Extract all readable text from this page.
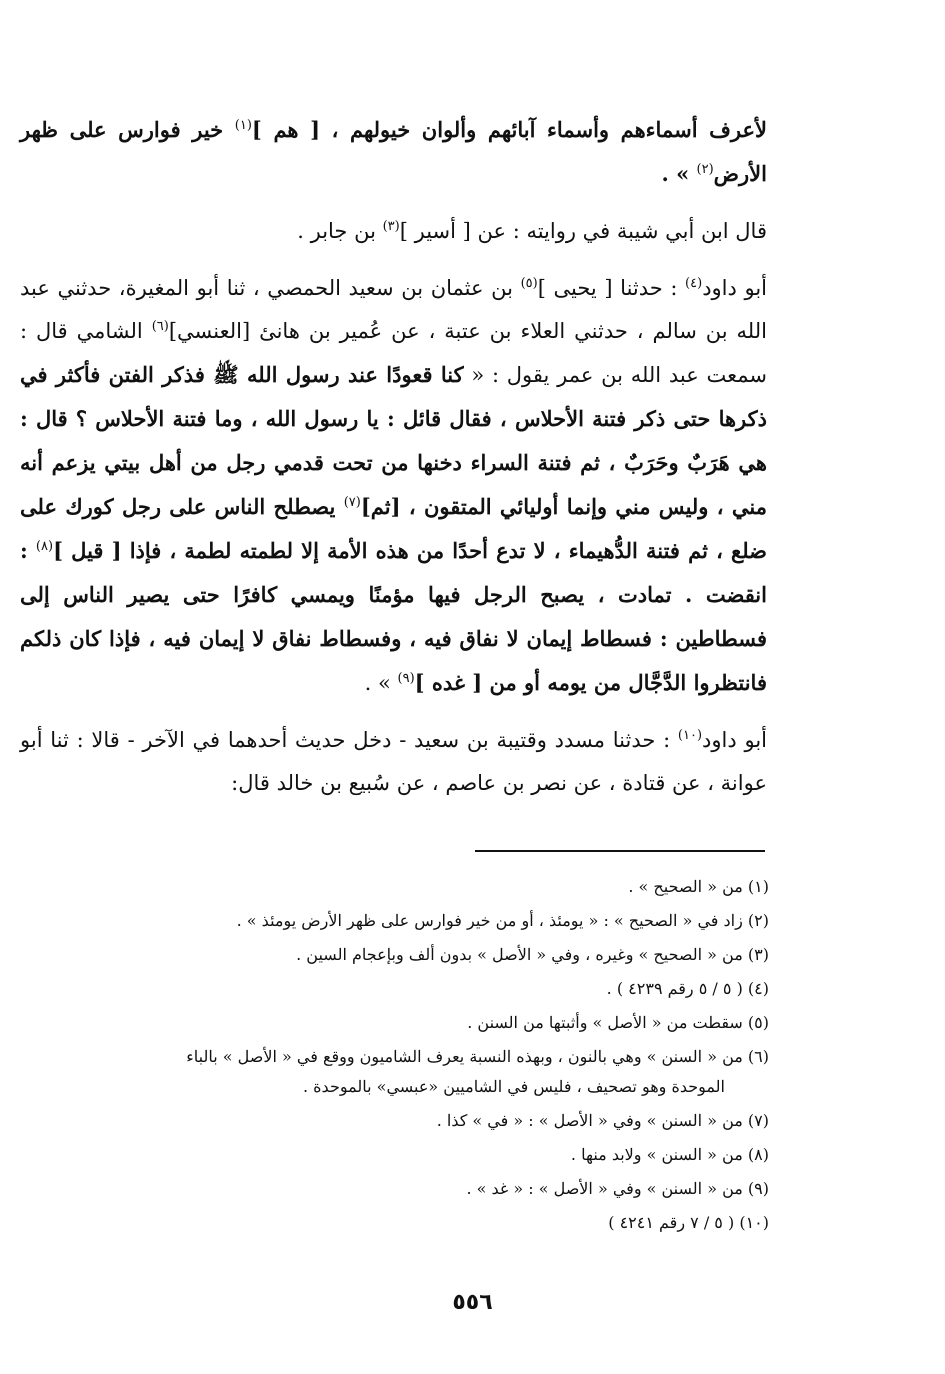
لأعرف أسماءهم وأسماء آبائهم وألوان خيولهم ، [ هم ]$^{(١)}$ خير فوارس على ظهر الأرض$^{(٢)}$ » .

قال ابن أبي شيبة في روايته : عن [ أسير ]$^{(٣)}$ بن جابر .

أبو داود$^{(٤)}$ : حدثنا [ يحيى ]$^{(٥)}$ بن عثمان بن سعيد الحمصي ، ثنا أبو المغيرة، حدثني عبد الله بن سالم ، حدثني العلاء بن عتبة ، عن عُمير بن هانئ [العنسي]$^{(٦)}$ الشامي قال : سمعت عبد الله بن عمر يقول : « كنا قعودًا عند رسول الله ﷺ فذكر الفتن فأكثر في ذكرها حتى ذكر فتنة الأحلاس ، فقال قائل : يا رسول الله ، وما فتنة الأحلاس ؟ قال : هي هَرَبٌ وحَرَبٌ ، ثم فتنة السراء دخنها من تحت قدمي رجل من أهل بيتي يزعم أنه مني ، وليس مني وإنما أوليائي المتقون ، [ثم]$^{(٧)}$ يصطلح الناس على رجل كورك على ضلع ، ثم فتنة الدُّهيماء ، لا تدع أحدًا من هذه الأمة إلا لطمته لطمة ، فإذا [ قيل ]$^{(٨)}$ : انقضت . تمادت ، يصبح الرجل فيها مؤمنًا ويمسي كافرًا حتى يصير الناس إلى فسطاطين : فسطاط إيمان لا نفاق فيه ، وفسطاط نفاق لا إيمان فيه ، فإذا كان ذلكم فانتظروا الدَّجَّال من يومه أو من [ غده ]$^{(٩)}$ » .

أبو داود$^{(١٠)}$ : حدثنا مسدد وقتيبة بن سعيد - دخل حديث أحدهما في الآخر - قالا : ثنا أبو عوانة ، عن قتادة ، عن نصر بن عاصم ، عن سُبيع بن خالد قال:

(١) من « الصحيح » .
(٢) زاد في « الصحيح » : « يومئذ ، أو من خير فوارس على ظهر الأرض يومئذ » .
(٣) من « الصحيح » وغيره ، وفي « الأصل » بدون ألف وبإعجام السين .
(٤) ( ٥ / ٥ رقم ٤٢٣٩ ) .
(٥) سقطت من « الأصل » وأثبتها من السنن .
(٦) من « السنن » وهي بالنون ، وبهذه النسبة يعرف الشاميون ووقع في « الأصل » بالباء
الموحدة وهو تصحيف ، فليس في الشاميين «عبسي» بالموحدة .
(٧) من « السنن » وفي « الأصل » : « في » كذا .
(٨) من « السنن » ولابد منها .
(٩) من « السنن » وفي « الأصل » : « غد » .
(١٠) ( ٥ / ٧ رقم ٤٢٤١ )
٥٥٦
